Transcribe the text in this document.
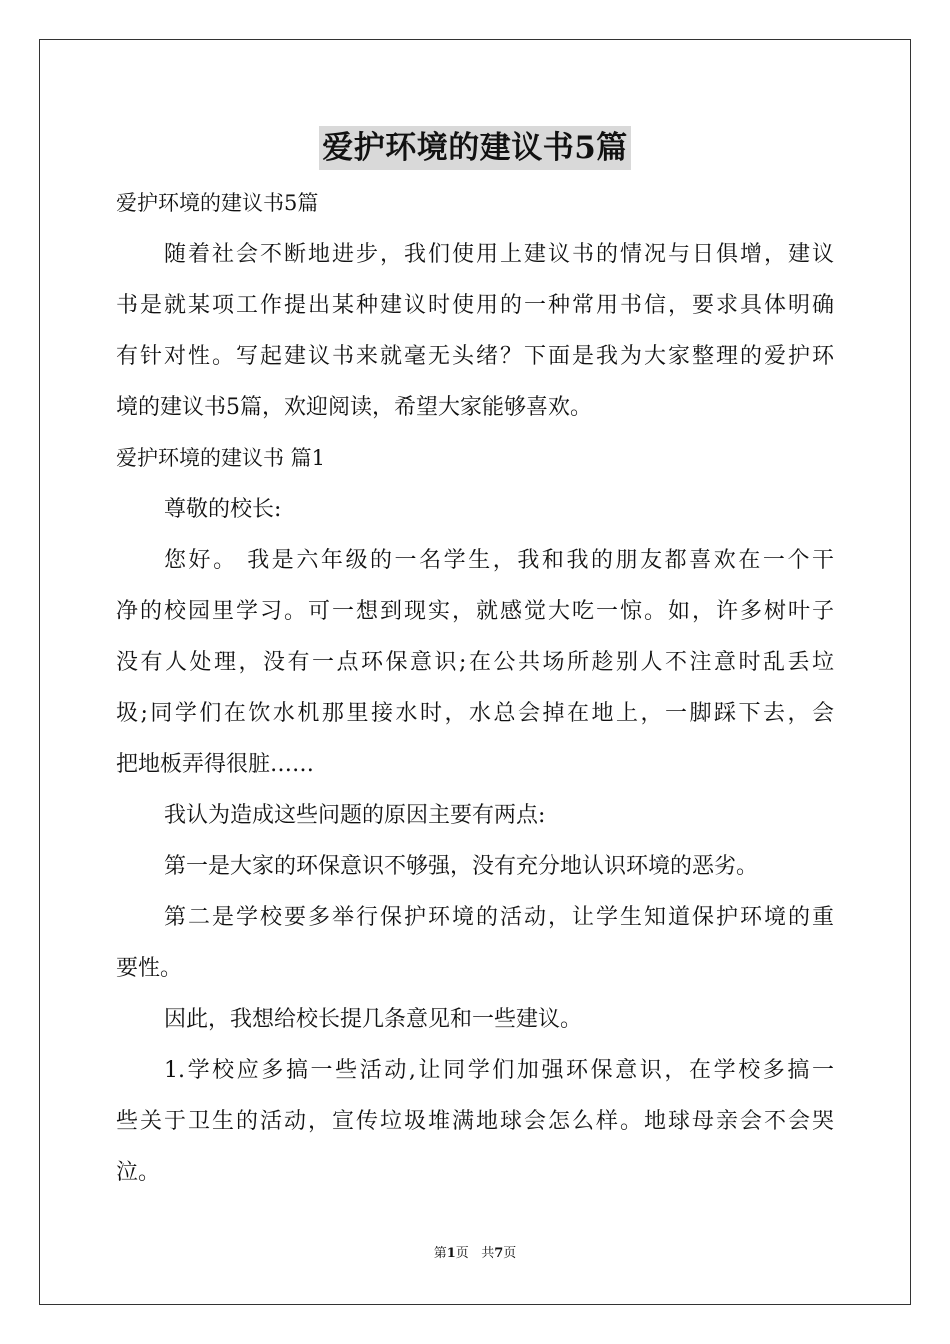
爱护环境的建议书5篇

爱护环境的建议书5篇

随着社会不断地进步，我们使用上建议书的情况与日俱增，建议

书是就某项工作提出某种建议时使用的一种常用书信，要求具体明确

有针对性。写起建议书来就毫无头绪？下面是我为大家整理的爱护环

境的建议书5篇，欢迎阅读，希望大家能够喜欢。

爱护环境的建议书 篇1

尊敬的校长:

您好。 我是六年级的一名学生，我和我的朋友都喜欢在一个干

净的校园里学习。可一想到现实，就感觉大吃一惊。如，许多树叶子

没有人处理，没有一点环保意识;在公共场所趁别人不注意时乱丢垃

圾;同学们在饮水机那里接水时，水总会掉在地上，一脚踩下去，会

把地板弄得很脏……

我认为造成这些问题的原因主要有两点:

第一是大家的环保意识不够强，没有充分地认识环境的恶劣。

第二是学校要多举行保护环境的活动，让学生知道保护环境的重

要性。

因此，我想给校长提几条意见和一些建议。

1.学校应多搞一些活动,让同学们加强环保意识，在学校多搞一

些关于卫生的活动，宣传垃圾堆满地球会怎么样。地球母亲会不会哭

泣。

第1页 共7页
